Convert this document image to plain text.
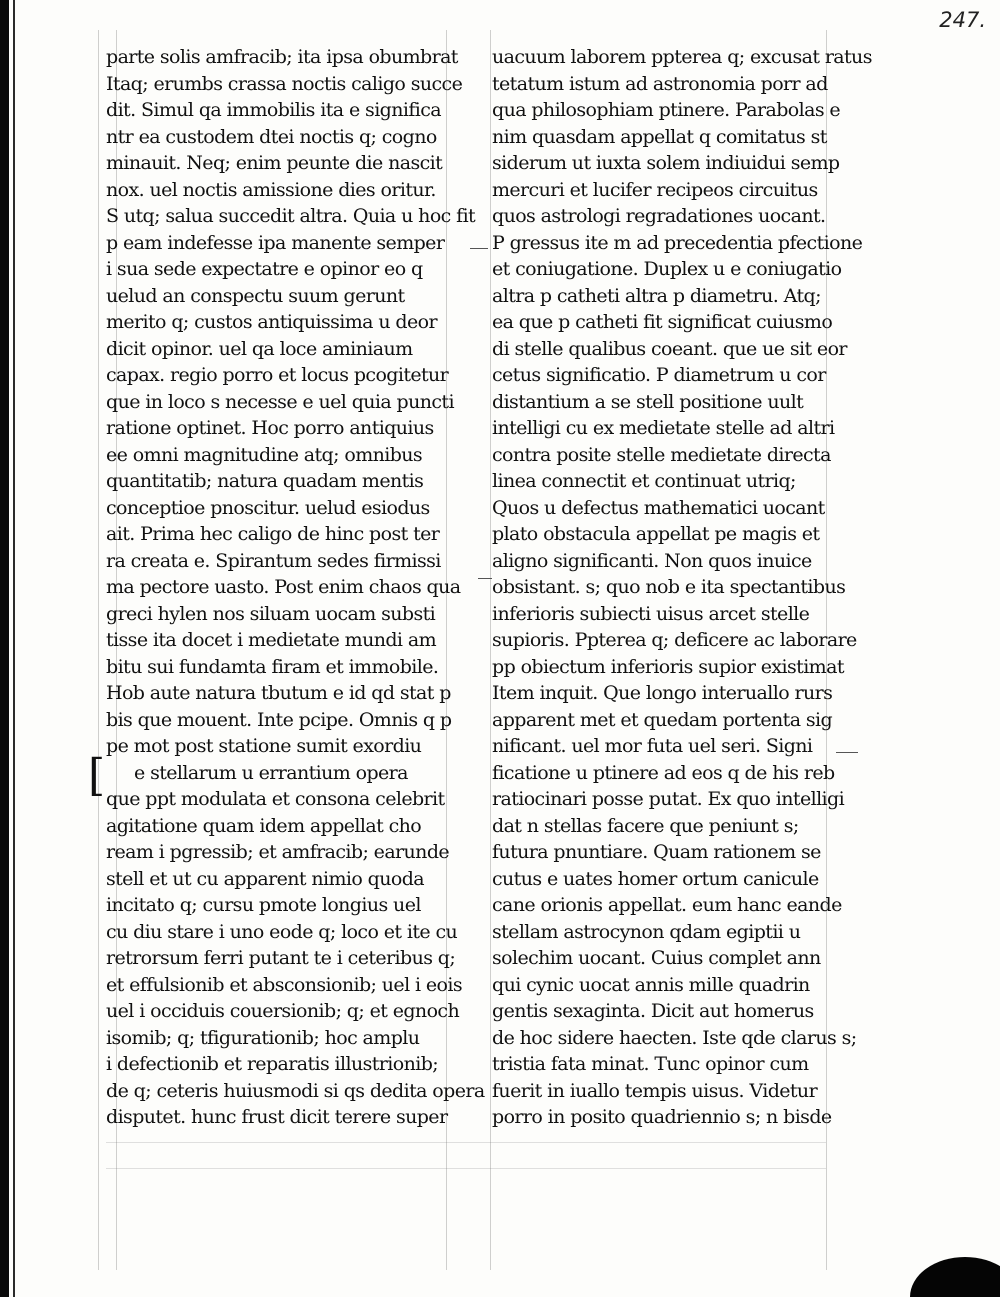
247.
[
parte solis amfracib; ita ipsa obumbrat
Itaq; erumbs crassa noctis caligo succe
dit. Simul qa immobilis ita e significa
ntr ea custodem dtei noctis q; cogno
minauit. Neq; enim peunte die nascit
nox. uel noctis amissione dies oritur.
S utq; salua succedit altra. Quia u hoc fit
p eam indefesse ipa manente semper
i sua sede expectatre e opinor eo q
uelud an conspectu suum gerunt
merito q; custos antiquissima u deor
dicit opinor. uel qa loce aminiaum
capax. regio porro et locus pcogitetur
que in loco s necesse e uel quia puncti
ratione optinet. Hoc porro antiquius
ee omni magnitudine atq; omnibus
quantitatib; natura quadam mentis
conceptioe pnoscitur. uelud esiodus
ait. Prima hec caligo de hinc post ter
ra creata e. Spirantum sedes firmissi
ma pectore uasto. Post enim chaos qua
greci hylen nos siluam uocam substi
tisse ita docet i medietate mundi am
bitu sui fundamta firam et immobile.
Hob aute natura tbutum e id qd stat p
bis que mouent. Inte pcipe. Omnis q p
pe mot post statione sumit exordiu
e stellarum u errantium opera
que ppt modulata et consona celebrit
agitatione quam idem appellat cho
ream i pgressib; et amfracib; earunde
stell et ut cu apparent nimio quoda
incitato q; cursu pmote longius uel
cu diu stare i uno eode q; loco et ite cu
retrorsum ferri putant te i ceteribus q;
et effulsionib et absconsionib; uel i eois
uel i occiduis couersionib; q; et egnoch
isomib; q; tfigurationib; hoc amplu
i defectionib et reparatis illustrionib;
de q; ceteris huiusmodi si qs dedita opera
disputet. hunc frust dicit terere super
uacuum laborem ppterea q; excusat ratus
tetatum istum ad astronomia porr ad
qua philosophiam ptinere. Parabolas e
nim quasdam appellat q comitatus st
siderum ut iuxta solem indiuidui semp
mercuri et lucifer recipeos circuitus
quos astrologi regradationes uocant.
P gressus ite m ad precedentia pfectione
et coniugatione. Duplex u e coniugatio
altra p catheti altra p diametru. Atq;
ea que p catheti fit significat cuiusmo
di stelle qualibus coeant. que ue sit eor
cetus significatio. P diametrum u cor
distantium a se stell positione uult
intelligi cu ex medietate stelle ad altri
contra posite stelle medietate directa
linea connectit et continuat utriq;
Quos u defectus mathematici uocant
plato obstacula appellat pe magis et
aligno significanti. Non quos inuice
obsistant. s; quo nob e ita spectantibus
inferioris subiecti uisus arcet stelle
supioris. Ppterea q; deficere ac laborare
pp obiectum inferioris supior existimat
Item inquit. Que longo interuallo rurs
apparent met et quedam portenta sig
nificant. uel mor futa uel seri. Signi
ficatione u ptinere ad eos q de his reb
ratiocinari posse putat. Ex quo intelligi
dat n stellas facere que peniunt s;
futura pnuntiare. Quam rationem se
cutus e uates homer ortum canicule
cane orionis appellat. eum hanc eande
stellam astrocynon qdam egiptii u
solechim uocant. Cuius complet ann
qui cynic uocat annis mille quadrin
gentis sexaginta. Dicit aut homerus
de hoc sidere haecten. Iste qde clarus s;
tristia fata minat. Tunc opinor cum
fuerit in iuallo tempis uisus. Videtur
porro in posito quadriennio s; n bisde
